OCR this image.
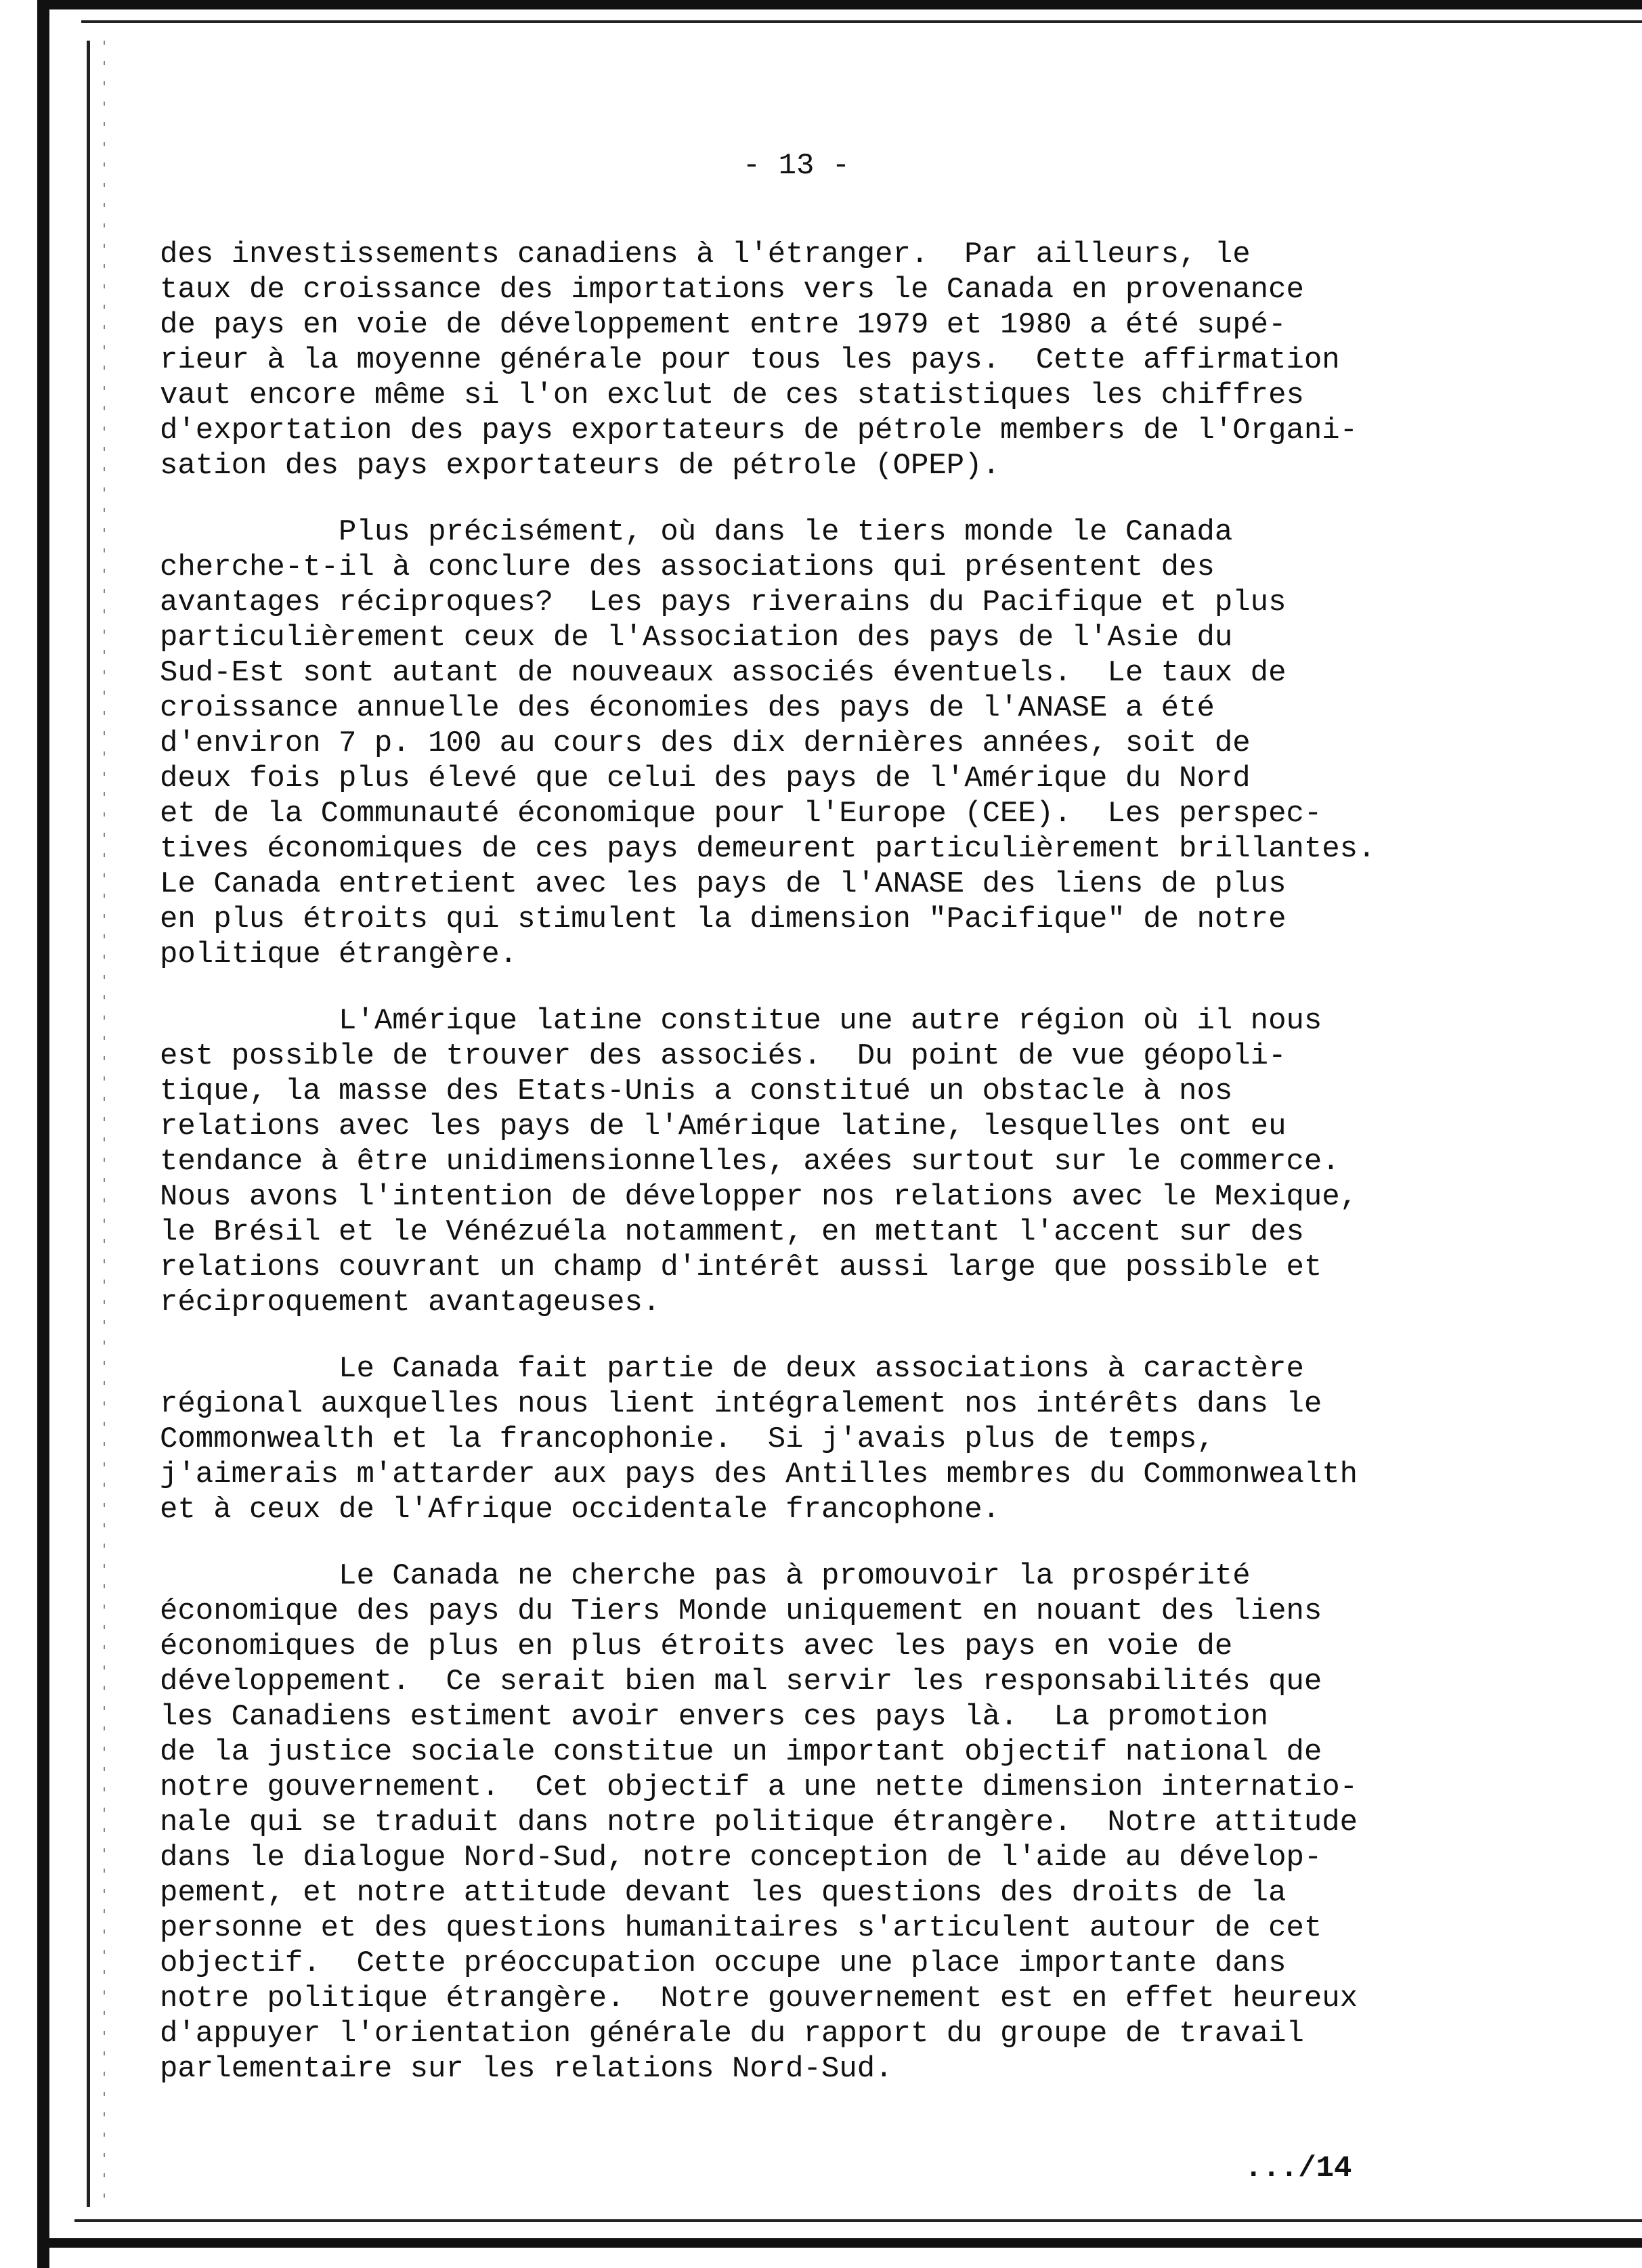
- 13 -
des investissements canadiens à l'étranger.  Par ailleurs, le
taux de croissance des importations vers le Canada en provenance
de pays en voie de développement entre 1979 et 1980 a été supé-
rieur à la moyenne générale pour tous les pays.  Cette affirmation
vaut encore même si l'on exclut de ces statistiques les chiffres
d'exportation des pays exportateurs de pétrole members de l'Organi-
sation des pays exportateurs de pétrole (OPEP).
Plus précisément, où dans le tiers monde le Canada
cherche-t-il à conclure des associations qui présentent des
avantages réciproques?  Les pays riverains du Pacifique et plus
particulièrement ceux de l'Association des pays de l'Asie du
Sud-Est sont autant de nouveaux associés éventuels.  Le taux de
croissance annuelle des économies des pays de l'ANASE a été
d'environ 7 p. 100 au cours des dix dernières années, soit de
deux fois plus élevé que celui des pays de l'Amérique du Nord
et de la Communauté économique pour l'Europe (CEE).  Les perspec-
tives économiques de ces pays demeurent particulièrement brillantes.
Le Canada entretient avec les pays de l'ANASE des liens de plus
en plus étroits qui stimulent la dimension "Pacifique" de notre
politique étrangère.
L'Amérique latine constitue une autre région où il nous
est possible de trouver des associés.  Du point de vue géopoli-
tique, la masse des Etats-Unis a constitué un obstacle à nos
relations avec les pays de l'Amérique latine, lesquelles ont eu
tendance à être unidimensionnelles, axées surtout sur le commerce.
Nous avons l'intention de développer nos relations avec le Mexique,
le Brésil et le Vénézuéla notamment, en mettant l'accent sur des
relations couvrant un champ d'intérêt aussi large que possible et
réciproquement avantageuses.
Le Canada fait partie de deux associations à caractère
régional auxquelles nous lient intégralement nos intérêts dans le
Commonwealth et la francophonie.  Si j'avais plus de temps,
j'aimerais m'attarder aux pays des Antilles membres du Commonwealth
et à ceux de l'Afrique occidentale francophone.
Le Canada ne cherche pas à promouvoir la prospérité
économique des pays du Tiers Monde uniquement en nouant des liens
économiques de plus en plus étroits avec les pays en voie de
développement.  Ce serait bien mal servir les responsabilités que
les Canadiens estiment avoir envers ces pays là.  La promotion
de la justice sociale constitue un important objectif national de
notre gouvernement.  Cet objectif a une nette dimension internatio-
nale qui se traduit dans notre politique étrangère.  Notre attitude
dans le dialogue Nord-Sud, notre conception de l'aide au dévelop-
pement, et notre attitude devant les questions des droits de la
personne et des questions humanitaires s'articulent autour de cet
objectif.  Cette préoccupation occupe une place importante dans
notre politique étrangère.  Notre gouvernement est en effet heureux
d'appuyer l'orientation générale du rapport du groupe de travail
parlementaire sur les relations Nord-Sud.
.../14
